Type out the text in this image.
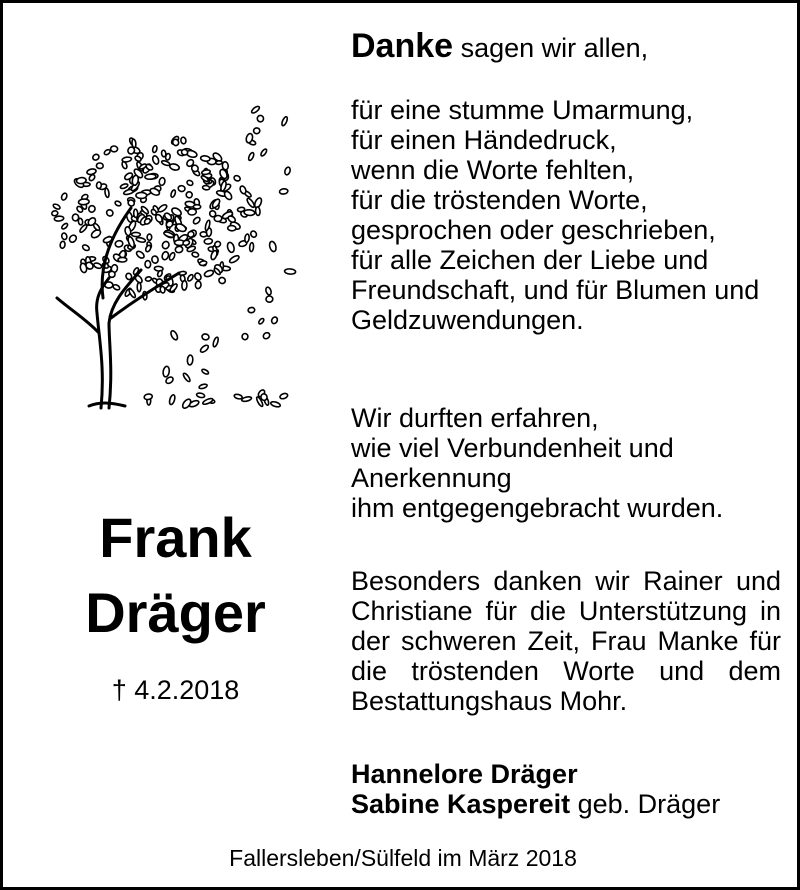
Frank
Dräger
† 4.2.2018
Danke sagen wir allen,

für eine stumme Umarmung,

für einen Händedruck,

wenn die Worte fehlten,

für die tröstenden Worte,

gesprochen oder geschrieben,

für alle Zeichen der Liebe und

Freundschaft, und für Blumen und

Geldzuwendungen.

Wir durften erfahren,

wie viel Verbundenheit und

Anerkennung

ihm entgegengebracht wurden.

Besonders danken wir Rainer und Christiane für die Unterstützung in der schweren Zeit, Frau Manke für die tröstenden Worte und dem Bestattungshaus Mohr.

Hannelore Dräger

Sabine Kaspereit geb. Dräger

Fallersleben/Sülfeld im März 2018
